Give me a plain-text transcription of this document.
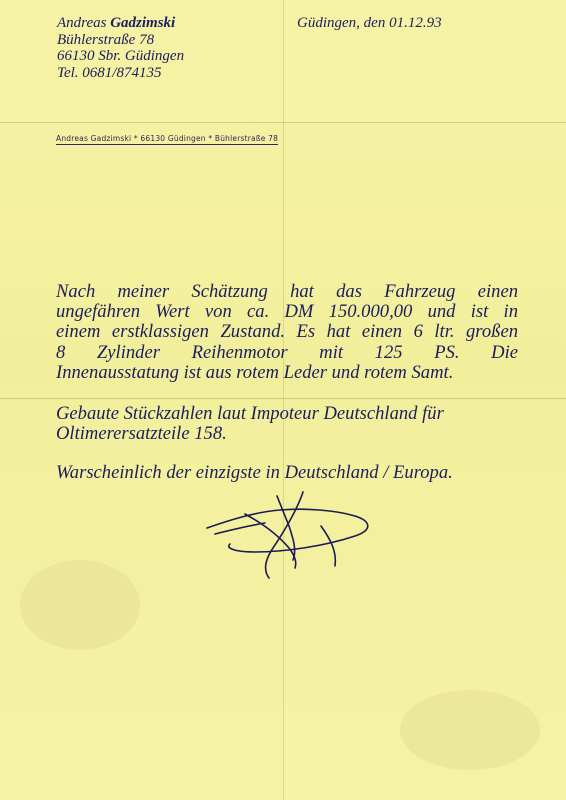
Andreas Gadzimski
Bühlerstraße 78
66130 Sbr. Güdingen
Tel. 0681/874135
Güdingen, den 01.12.93
Andreas Gadzimski * 66130 Güdingen * Bühlerstraße 78
Nach meiner Schätzung hat das Fahrzeug einen
ungefähren Wert von ca. DM 150.000,00 und ist in
einem erstklassigen Zustand. Es hat einen 6 ltr. großen
8 Zylinder Reihenmotor mit 125 PS. Die
Innenausstatung ist aus rotem Leder und rotem Samt.
Gebaute Stückzahlen laut Impoteur Deutschland für
Oltimerersatzteile 158.
Warscheinlich der einzigste in Deutschland / Europa.
